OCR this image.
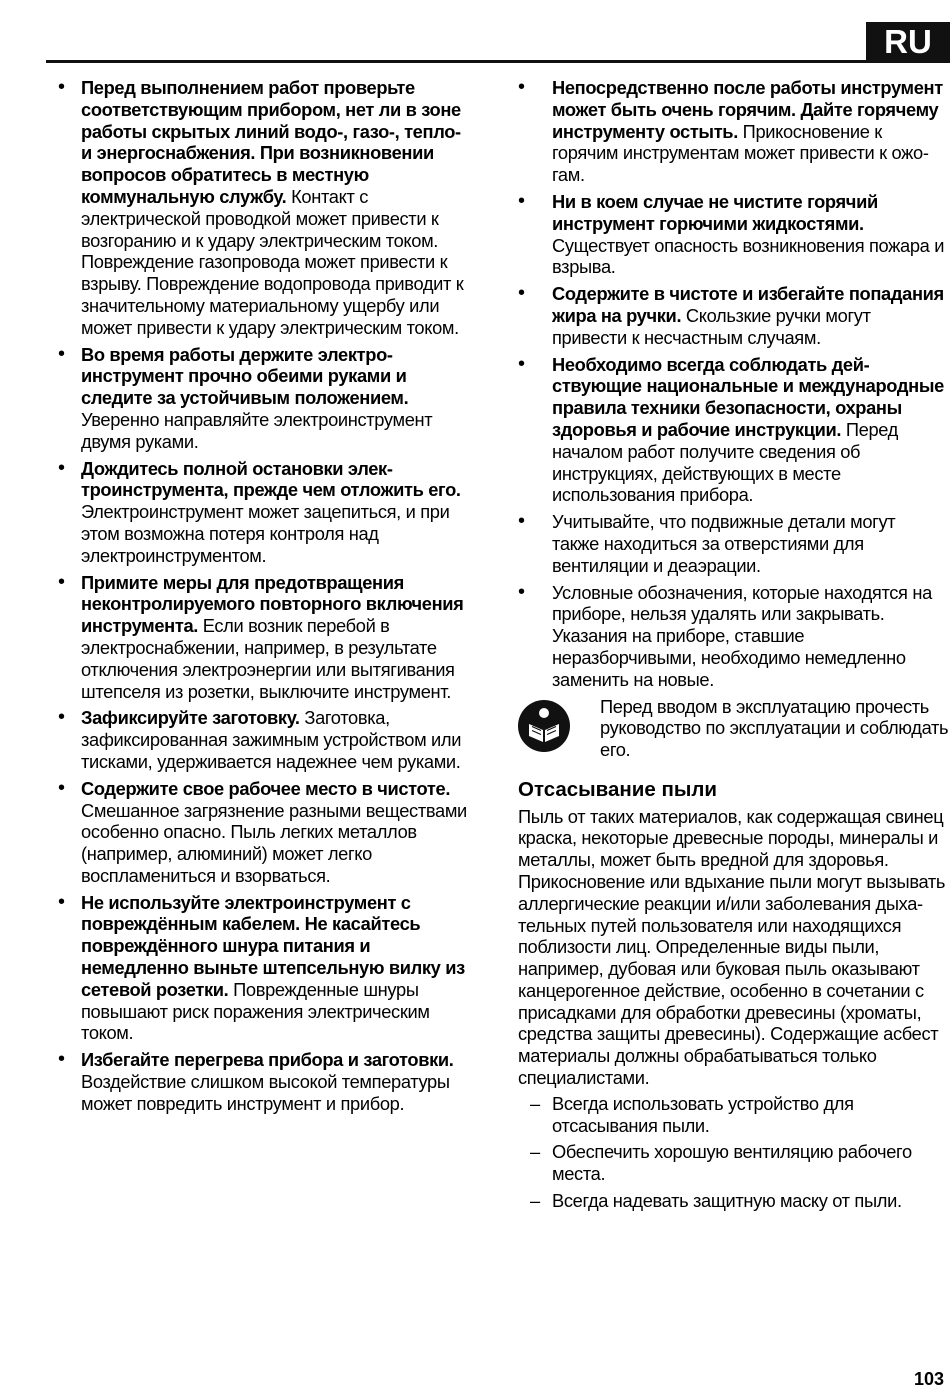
RU
• Перед выполнением работ проверьте соответствующим прибором, нет ли в зоне работы скрытых линий водо-, газо-, тепло- и энергоснабжения. При возникновении вопросов обратитесь в местную коммунальную службу. Контакт с электрической проводкой может привести к возгоранию и к удару электрическим током. Повреждение газопровода может привести к взрыву. Повреждение водопровода приводит к значительному материальному ущербу или может привести к удару электрическим током.
• Во время работы держите электроинструмент прочно обеими руками и следите за устойчивым положением. Уверенно направляйте электроинструмент двумя руками.
• Дождитесь полной остановки электроинструмента, прежде чем отложить его. Электроинструмент может зацепиться, и при этом возможна потеря контроля над электроинструментом.
• Примите меры для предотвращения неконтролируемого повторного включения инструмента. Если возник перебой в электроснабжении, например, в результате отключения электроэнергии или вытягивания штепселя из розетки, выключите инструмент.
• Зафиксируйте заготовку. Заготовка, зафиксированная зажимным устройством или тисками, удерживается надежнее чем руками.
• Содержите свое рабочее место в чистоте. Смешанное загрязнение разными веществами особенно опасно. Пыль легких металлов (например, алюминий) может легко воспламениться и взорваться.
• Не используйте электроинструмент с повреждённым кабелем. Не касайтесь повреждённого шнура питания и немедленно выньте штепсельную вилку из сетевой розетки. Поврежденные шнуры повышают риск поражения электрическим током.
• Избегайте перегрева прибора и заготовки. Воздействие слишком высокой температуры может повредить инструмент и прибор.
• Непосредственно после работы инструмент может быть очень горячим. Дайте горячему инструменту остыть. Прикосновение к горячим инструментам может привести к ожогам.
• Ни в коем случае не чистите горячий инструмент горючими жидкостями. Существует опасность возникновения пожара и взрыва.
• Содержите в чистоте и избегайте попадания жира на ручки. Скользкие ручки могут привести к несчастным случаям.
• Необходимо всегда соблюдать действующие национальные и международные правила техники безопасности, охраны здоровья и рабочие инструкции. Перед началом работ получите сведения об инструкциях, действующих в месте использования прибора.
• Учитывайте, что подвижные детали могут также находиться за отверстиями для вентиляции и деаэрации.
• Условные обозначения, которые находятся на приборе, нельзя удалять или закрывать. Указания на приборе, ставшие неразборчивыми, необходимо немедленно заменить на новые.
Перед вводом в эксплуатацию прочесть руководство по эксплуатации и соблюдать его.
Отсасывание пыли

Пыль от таких материалов, как содержащая свинец краска, некоторые древесные породы, минералы и металлы, может быть вредной для здоровья. Прикосновение или вдыхание пыли могут вызывать аллергические реакции и/или заболевания дыхательных путей пользователя или находящихся поблизости лиц. Определенные виды пыли, например, дубовая или буковая пыль оказывают канцерогенное действие, особенно в сочетании с присадками для обработки древесины (хроматы, средства защиты древесины). Содержащие асбест материалы должны обрабатываться только специалистами.

– Всегда использовать устройство для отсасывания пыли.
– Обеспечить хорошую вентиляцию рабочего места.
– Всегда надевать защитную маску от пыли.
103
